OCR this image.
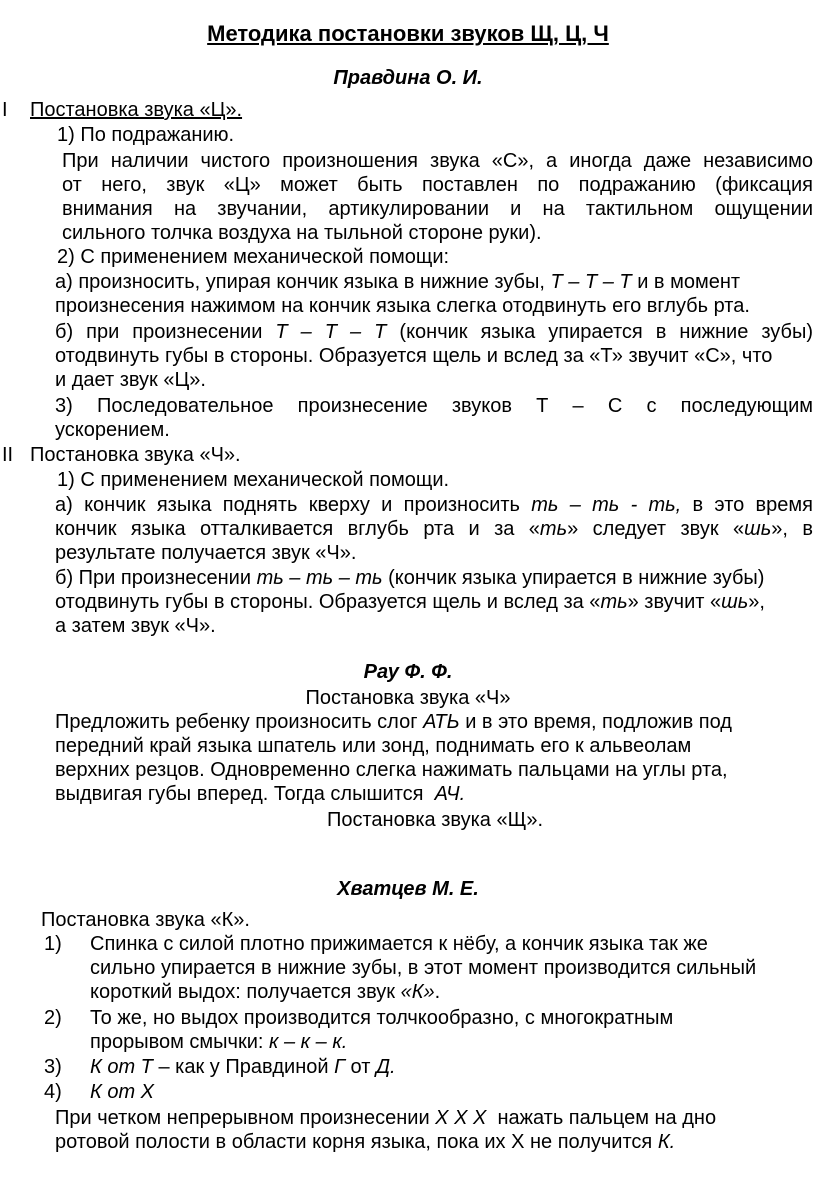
Методика постановки звуков Щ, Ц, Ч
Правдина О. И.
I Постановка звука «Ц».
1) По подражанию.
При наличии чистого произношения звука «С», а иногда даже независимо
от него, звук «Ц» может быть поставлен по подражанию (фиксация
внимания на звучании, артикулировании и на тактильном ощущении
сильного толчка воздуха на тыльной стороне руки).
2) С применением механической помощи:
а) произносить, упирая кончик языка в нижние зубы, Т – Т – Т и в момент
произнесения нажимом на кончик языка слегка отодвинуть его вглубь рта.
б) при произнесении Т – Т – Т (кончик языка упирается в нижние зубы)
отодвинуть губы в стороны. Образуется щель и вслед за «Т» звучит «С», что
и дает звук «Ц».
3) Последовательное произнесение звуков Т – С с последующим
ускорением.
II Постановка звука «Ч».
1) С применением механической помощи.
а) кончик языка поднять кверху и произносить ть – ть - ть, в это время
кончик языка отталкивается вглубь рта и за «ть» следует звук «шь», в
результате получается звук «Ч».
б) При произнесении ть – ть – ть (кончик языка упирается в нижние зубы)
отодвинуть губы в стороны. Образуется щель и вслед за «ть» звучит «шь»,
а затем звук «Ч».
Рау Ф. Ф.
Постановка звука «Ч»
Предложить ребенку произносить слог АТЬ и в это время, подложив под
передний край языка шпатель или зонд, поднимать его к альвеолам
верхних резцов. Одновременно слегка нажимать пальцами на углы рта,
выдвигая губы вперед. Тогда слышится АЧ.
Постановка звука «Щ».
Хватцев М. Е.
Постановка звука «К».
1) Спинка с силой плотно прижимается к нёбу, а кончик языка так же
сильно упирается в нижние зубы, в этот момент производится сильный
короткий выдох: получается звук «К».
2) То же, но выдох производится толчкообразно, с многократным
прорывом смычки: к – к – к.
3) К от Т – как у Правдиной Г от Д.
4) К от Х
При четком непрерывном произнесении Х Х Х нажать пальцем на дно
ротовой полости в области корня языка, пока их Х не получится К.
